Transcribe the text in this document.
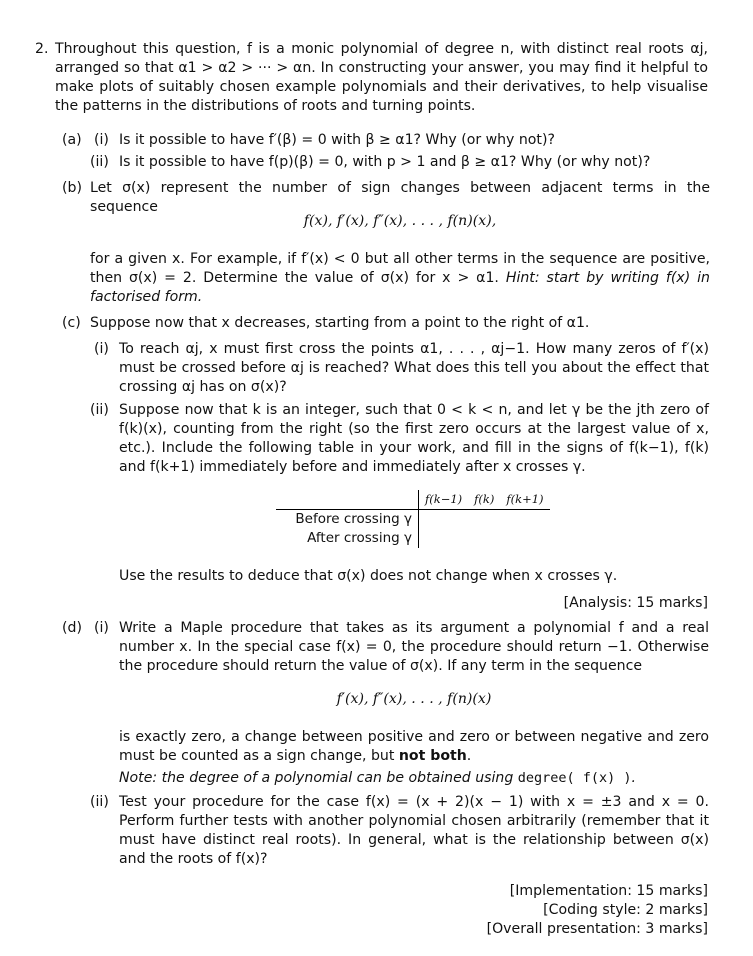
2. Throughout this question, f is a monic polynomial of degree n, with distinct real roots αj, arranged so that α1 > α2 > ··· > αn. In constructing your answer, you may find it helpful to make plots of suitably chosen example polynomials and their derivatives, to help visualise the patterns in the distributions of roots and turning points.

(a) (i) Is it possible to have f′(β) = 0 with β ≥ α1? Why (or why not)?

(ii) Is it possible to have f(p)(β) = 0, with p > 1 and β ≥ α1? Why (or why not)?

(b) Let σ(x) represent the number of sign changes between adjacent terms in the sequence

f(x), f′(x), f″(x), . . . , f(n)(x),

for a given x. For example, if f′(x) < 0 but all other terms in the sequence are positive, then σ(x) = 2. Determine the value of σ(x) for x > α1. Hint: start by writing f(x) in factorised form.

(c) Suppose now that x decreases, starting from a point to the right of α1.

(i) To reach αj, x must first cross the points α1, . . . , αj−1. How many zeros of f′(x) must be crossed before αj is reached? What does this tell you about the effect that crossing αj has on σ(x)?

(ii) Suppose now that k is an integer, such that 0 < k < n, and let γ be the jth zero of f(k)(x), counting from the right (so the first zero occurs at the largest value of x, etc.). Include the following table in your work, and fill in the signs of f(k−1), f(k) and f(k+1) immediately before and immediately after x crosses γ.

	f(k−1)	f(k)	f(k+1)
Before crossing γ			
After crossing γ			

Use the results to deduce that σ(x) does not change when x crosses γ.

[Analysis: 15 marks]
(d) (i) Write a Maple procedure that takes as its argument a polynomial f and a real number x. In the special case f(x) = 0, the procedure should return −1. Otherwise the procedure should return the value of σ(x). If any term in the sequence

f′(x), f″(x), . . . , f(n)(x)

is exactly zero, a change between positive and zero or between negative and zero must be counted as a sign change, but not both.

Note: the degree of a polynomial can be obtained using degree( f(x) ).

(ii) Test your procedure for the case f(x) = (x + 2)(x − 1) with x = ±3 and x = 0. Perform further tests with another polynomial chosen arbitrarily (remember that it must have distinct real roots). In general, what is the relationship between σ(x) and the roots of f(x)?

[Implementation: 15 marks]
[Coding style: 2 marks]
[Overall presentation: 3 marks]
